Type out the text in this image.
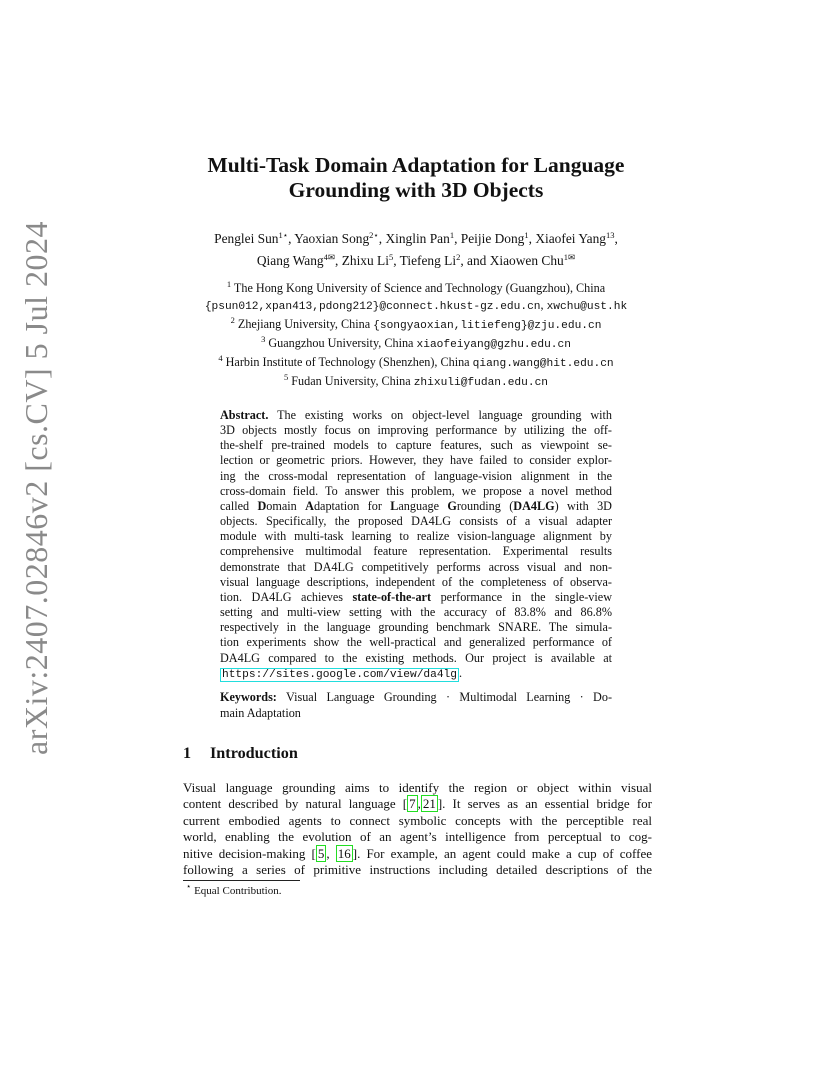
arXiv:2407.02846v2 [cs.CV] 5 Jul 2024
Multi-Task Domain Adaptation for Language
Grounding with 3D Objects
Penglei Sun$^{1⋆}$, Yaoxian Song$^{2⋆}$, Xinglin Pan$^1$, Peijie Dong$^1$, Xiaofei Yang$^{13}$,
Qiang Wang$^{4✉}$, Zhixu Li$^5$, Tiefeng Li$^2$, and Xiaowen Chu$^{1✉}$
$^1$ The Hong Kong University of Science and Technology (Guangzhou), China
{psun012,xpan413,pdong212}@connect.hkust-gz.edu.cn, xwchu@ust.hk
$^2$ Zhejiang University, China {songyaoxian,litiefeng}@zju.edu.cn
$^3$ Guangzhou University, China xiaofeiyang@gzhu.edu.cn
$^4$ Harbin Institute of Technology (Shenzhen), China qiang.wang@hit.edu.cn
$^5$ Fudan University, China zhixuli@fudan.edu.cn
Abstract. The existing works on object-level language grounding with
3D objects mostly focus on improving performance by utilizing the off-
the-shelf pre-trained models to capture features, such as viewpoint se-
lection or geometric priors. However, they have failed to consider explor-
ing the cross-modal representation of language-vision alignment in the
cross-domain field. To answer this problem, we propose a novel method
called Domain Adaptation for Language Grounding (DA4LG) with 3D
objects. Specifically, the proposed DA4LG consists of a visual adapter
module with multi-task learning to realize vision-language alignment by
comprehensive multimodal feature representation. Experimental results
demonstrate that DA4LG competitively performs across visual and non-
visual language descriptions, independent of the completeness of observa-
tion. DA4LG achieves state-of-the-art performance in the single-view
setting and multi-view setting with the accuracy of 83.8% and 86.8%
respectively in the language grounding benchmark SNARE. The simula-
tion experiments show the well-practical and generalized performance of
DA4LG compared to the existing methods. Our project is available at
https://sites.google.com/view/da4lg .
Keywords: Visual Language Grounding · Multimodal Learning · Do-
main Adaptation
1 Introduction
Visual language grounding aims to identify the region or object within visual
content described by natural language [ 7 , 21 ]. It serves as an essential bridge for
current embodied agents to connect symbolic concepts with the perceptible real
world, enabling the evolution of an agent’s intelligence from perceptual to cog-
nitive decision-making [ 5 , 16 ]. For example, an agent could make a cup of coffee
following a series of primitive instructions including detailed descriptions of the
⋆ Equal Contribution.
